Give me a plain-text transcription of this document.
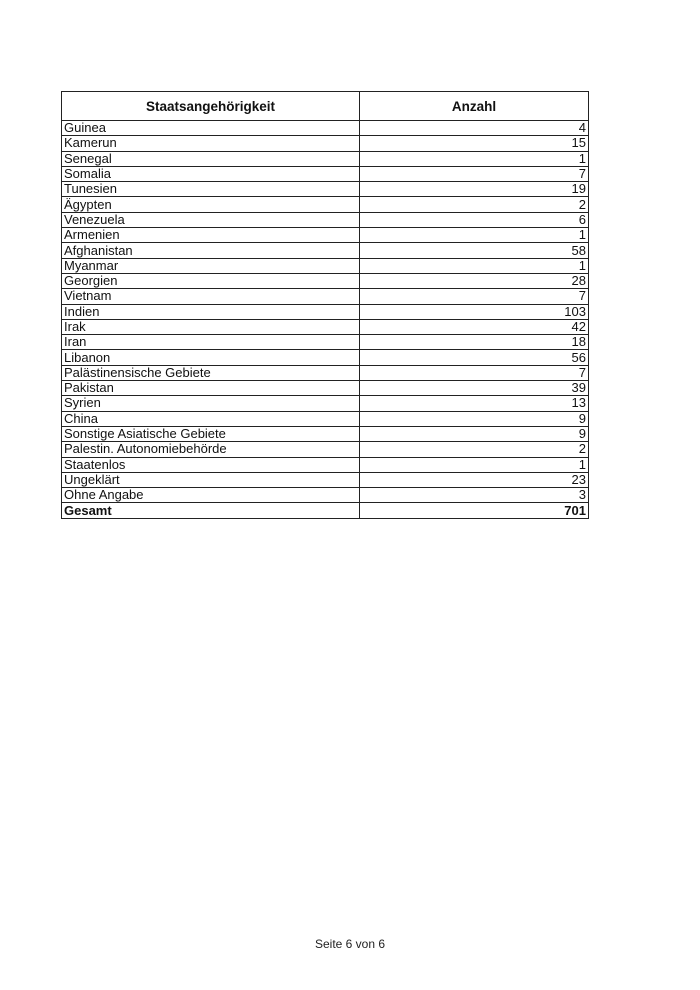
Staatsangehörigkeit	Anzahl
Guinea	4
Kamerun	15
Senegal	1
Somalia	7
Tunesien	19
Ägypten	2
Venezuela	6
Armenien	1
Afghanistan	58
Myanmar	1
Georgien	28
Vietnam	7
Indien	103
Irak	42
Iran	18
Libanon	56
Palästinensische Gebiete	7
Pakistan	39
Syrien	13
China	9
Sonstige Asiatische Gebiete	9
Palestin. Autonomiebehörde	2
Staatenlos	1
Ungeklärt	23
Ohne Angabe	3
Gesamt	701
Seite 6 von 6
